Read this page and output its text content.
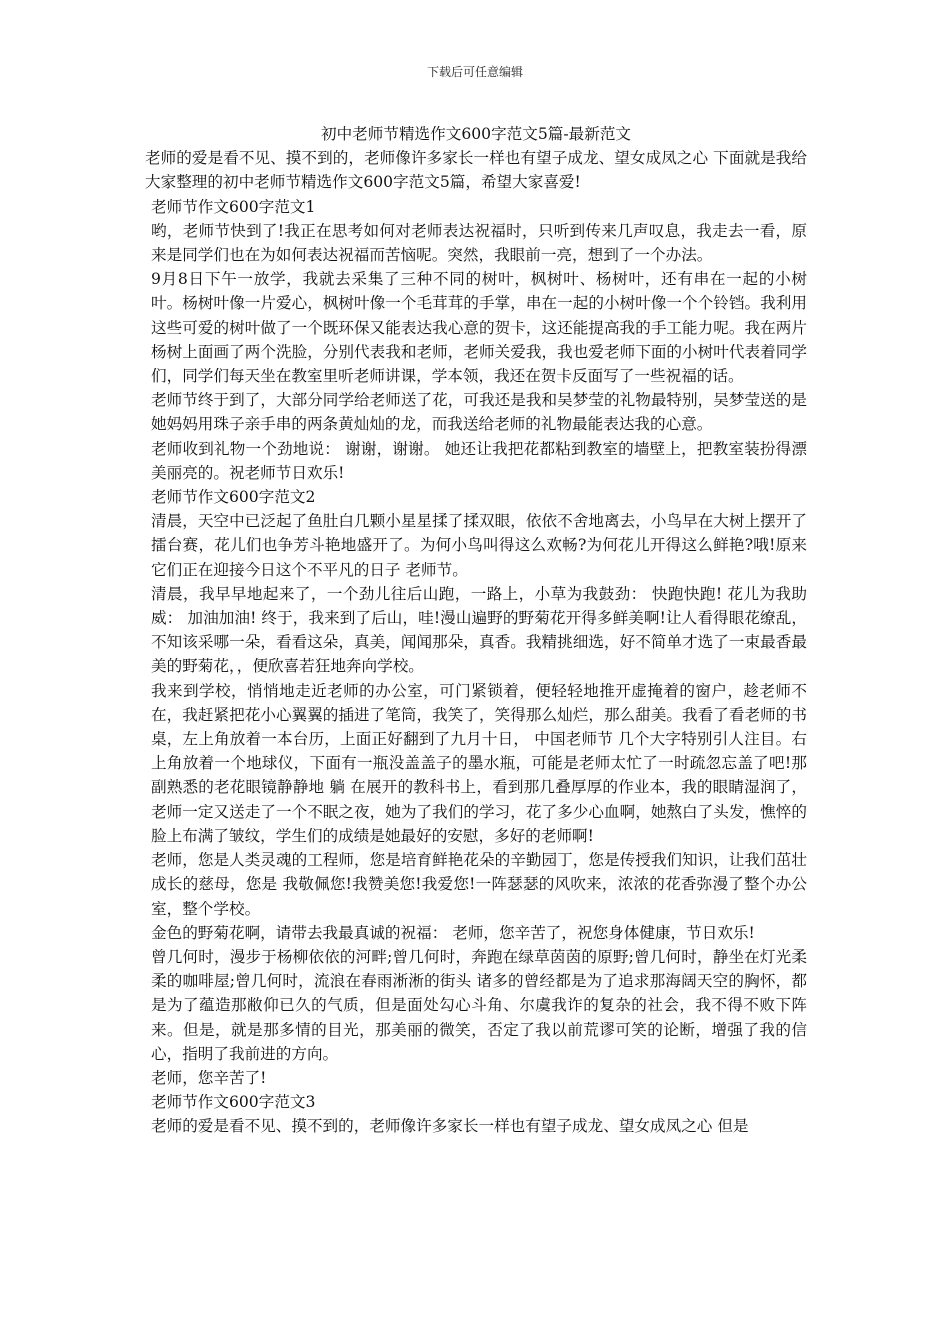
下载后可任意编辑

初中老师节精选作文600字范文5篇-最新范文

老师的爱是看不见、摸不到的，老师像许多家长一样也有望子成龙、望女成凤之心 下面就是我给大家整理的初中老师节精选作文600字范文5篇，希望大家喜爱!

老师节作文600字范文1

哟，老师节快到了!我正在思考如何对老师表达祝福时，只听到传来几声叹息，我走去一看，原来是同学们也在为如何表达祝福而苦恼呢。突然，我眼前一亮，想到了一个办法。

9月8日下午一放学，我就去采集了三种不同的树叶，枫树叶、杨树叶，还有串在一起的小树叶。杨树叶像一片爱心，枫树叶像一个毛茸茸的手掌，串在一起的小树叶像一个个铃铛。我利用这些可爱的树叶做了一个既环保又能表达我心意的贺卡，这还能提高我的手工能力呢。我在两片杨树上面画了两个洗脸，分别代表我和老师，老师关爱我，我也爱老师下面的小树叶代表着同学们，同学们每天坐在教室里听老师讲课，学本领，我还在贺卡反面写了一些祝福的话。

老师节终于到了，大部分同学给老师送了花，可我还是我和吴梦莹的礼物最特别，吴梦莹送的是她妈妈用珠子亲手串的两条黄灿灿的龙，而我送给老师的礼物最能表达我的心意。

老师收到礼物一个劲地说： 谢谢，谢谢。 她还让我把花都粘到教室的墙壁上，把教室装扮得漂美丽亮的。祝老师节日欢乐!

老师节作文600字范文2

清晨，天空中已泛起了鱼肚白几颗小星星揉了揉双眼，依依不舍地离去，小鸟早在大树上摆开了擂台赛，花儿们也争芳斗艳地盛开了。为何小鸟叫得这么欢畅?为何花儿开得这么鲜艳?哦!原来它们正在迎接今日这个不平凡的日子 老师节。

清晨，我早早地起来了，一个劲儿往后山跑，一路上，小草为我鼓劲： 快跑快跑! 花儿为我助威： 加油加油! 终于，我来到了后山，哇!漫山遍野的野菊花开得多鲜美啊!让人看得眼花缭乱，不知该采哪一朵，看看这朵，真美，闻闻那朵，真香。我精挑细选，好不简单才选了一束最香最美的野菊花，，便欣喜若狂地奔向学校。

我来到学校，悄悄地走近老师的办公室，可门紧锁着，便轻轻地推开虚掩着的窗户，趁老师不在，我赶紧把花小心翼翼的插进了笔筒，我笑了，笑得那么灿烂，那么甜美。我看了看老师的书桌，左上角放着一本台历，上面正好翻到了九月十日， 中国老师节 几个大字特别引人注目。右上角放着一个地球仪，下面有一瓶没盖盖子的墨水瓶，可能是老师太忙了一时疏忽忘盖了吧!那副熟悉的老花眼镜静静地 躺 在展开的教科书上，看到那几叠厚厚的作业本，我的眼睛湿润了，老师一定又送走了一个不眠之夜，她为了我们的学习，花了多少心血啊，她熬白了头发，憔悴的脸上布满了皱纹，学生们的成绩是她最好的安慰，多好的老师啊!

老师，您是人类灵魂的工程师，您是培育鲜艳花朵的辛勤园丁，您是传授我们知识，让我们茁壮成长的慈母，您是 我敬佩您!我赞美您!我爱您!一阵瑟瑟的风吹来，浓浓的花香弥漫了整个办公室，整个学校。

金色的野菊花啊，请带去我最真诚的祝福： 老师，您辛苦了，祝您身体健康，节日欢乐!

曾几何时，漫步于杨柳依依的河畔;曾几何时，奔跑在绿草茵茵的原野;曾几何时，静坐在灯光柔柔的咖啡屋;曾几何时，流浪在春雨淅淅的街头 诸多的曾经都是为了追求那海阔天空的胸怀，都是为了蕴造那敝仰已久的气质，但是面处勾心斗角、尔虞我诈的复杂的社会，我不得不败下阵来。但是，就是那多情的目光，那美丽的微笑，否定了我以前荒谬可笑的论断，增强了我的信心，指明了我前进的方向。

老师，您辛苦了!

老师节作文600字范文3

老师的爱是看不见、摸不到的，老师像许多家长一样也有望子成龙、望女成凤之心 但是
